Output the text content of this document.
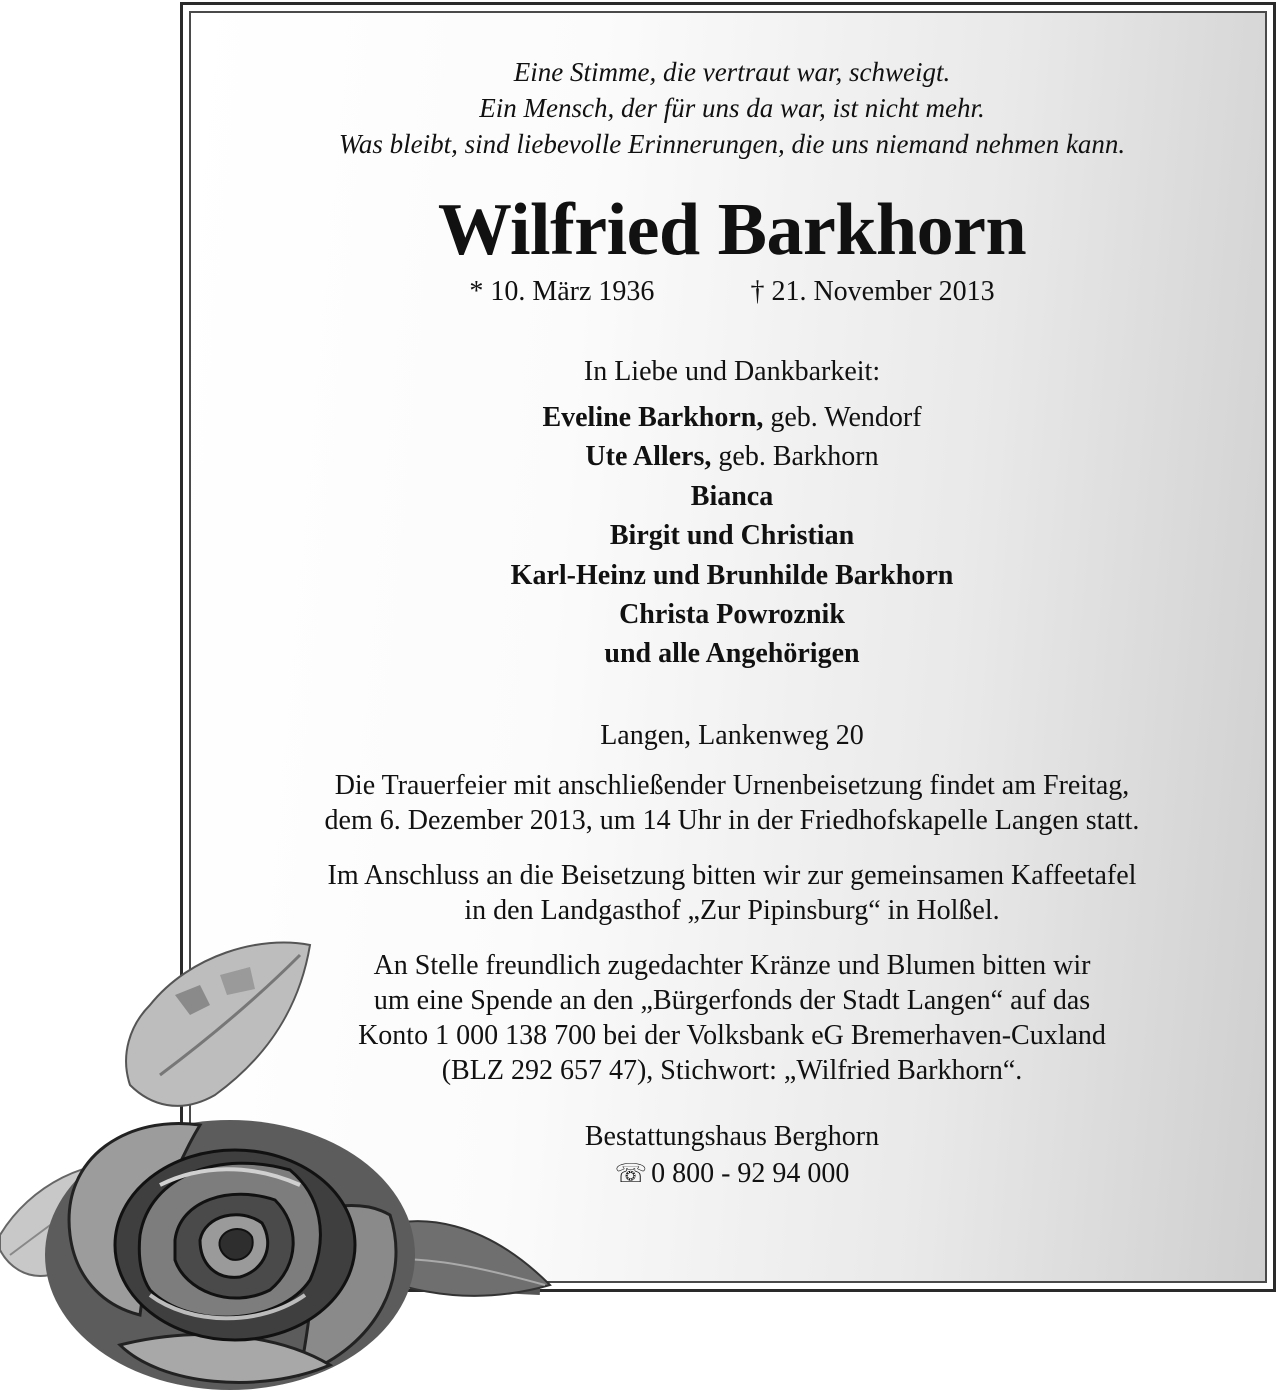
Eine Stimme, die vertraut war, schweigt.
Ein Mensch, der für uns da war, ist nicht mehr.
Was bleibt, sind liebevolle Erinnerungen, die uns niemand nehmen kann.
Wilfried Barkhorn
* 10. März 1936	† 21. November 2013
In Liebe und Dankbarkeit:
Eveline Barkhorn, geb. Wendorf
Ute Allers, geb. Barkhorn
Bianca
Birgit und Christian
Karl-Heinz und Brunhilde Barkhorn
Christa Powroznik
und alle Angehörigen
Langen, Lankenweg 20
Die Trauerfeier mit anschließender Urnenbeisetzung findet am Freitag,
dem 6. Dezember 2013, um 14 Uhr in der Friedhofskapelle Langen statt.
Im Anschluss an die Beisetzung bitten wir zur gemeinsamen Kaffeetafel
in den Landgasthof „Zur Pipinsburg“ in Holßel.
An Stelle freundlich zugedachter Kränze und Blumen bitten wir
um eine Spende an den „Bürgerfonds der Stadt Langen“ auf das
Konto 1 000 138 700 bei der Volksbank eG Bremerhaven-Cuxland
(BLZ 292 657 47), Stichwort: „Wilfried Barkhorn“.
Bestattungshaus Berghorn
☏ 0 800 - 92 94 000
